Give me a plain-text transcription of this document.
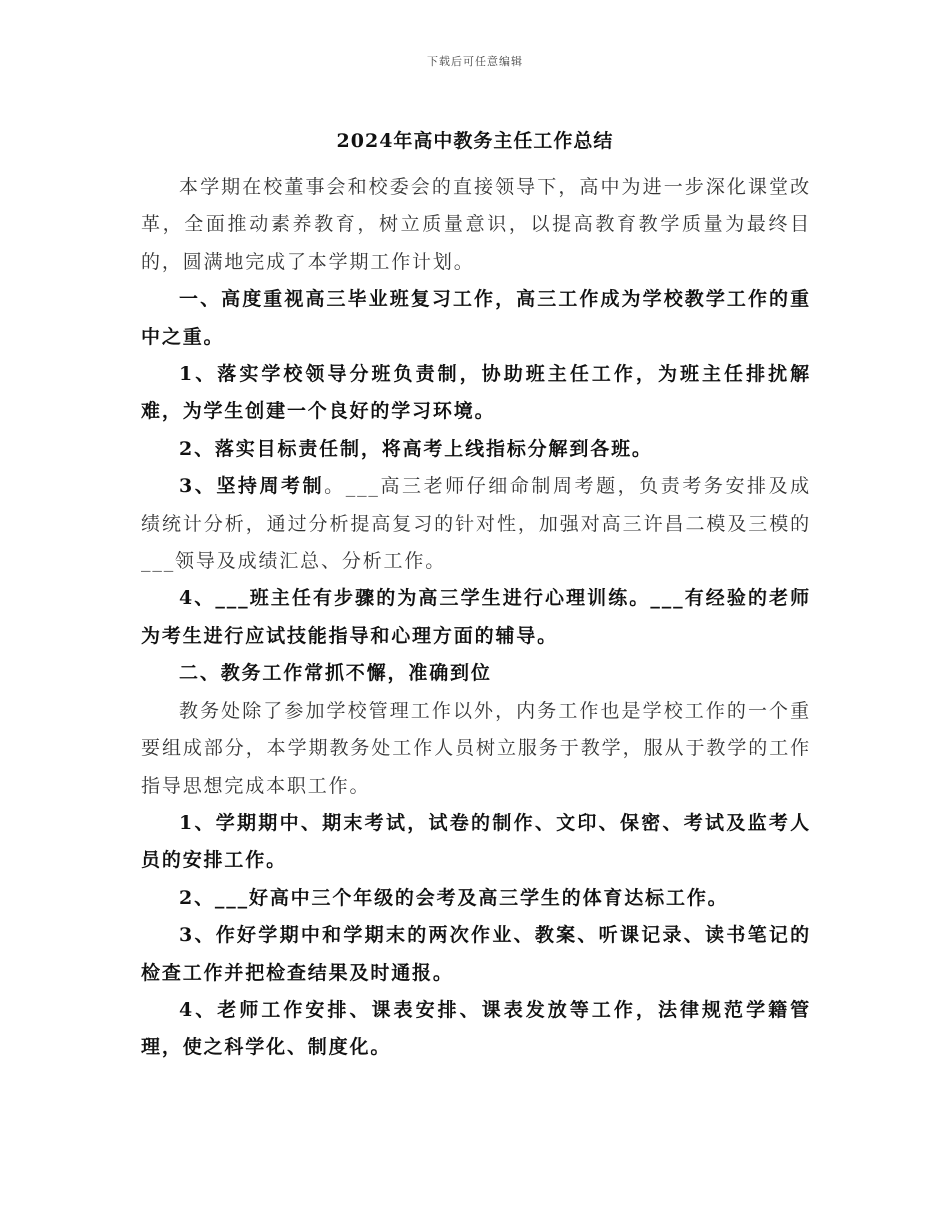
下载后可任意编辑
2024年高中教务主任工作总结

本学期在校董事会和校委会的直接领导下，高中为进一步深化课堂改革，全面推动素养教育，树立质量意识，以提高教育教学质量为最终目的，圆满地完成了本学期工作计划。

一、高度重视高三毕业班复习工作，高三工作成为学校教学工作的重中之重。

1、落实学校领导分班负责制，协助班主任工作，为班主任排扰解难，为学生创建一个良好的学习环境。

2、落实目标责任制，将高考上线指标分解到各班。

3、坚持周考制。___高三老师仔细命制周考题，负责考务安排及成绩统计分析，通过分析提高复习的针对性，加强对高三许昌二模及三模的___领导及成绩汇总、分析工作。

4、___班主任有步骤的为高三学生进行心理训练。___有经验的老师为考生进行应试技能指导和心理方面的辅导。

二、教务工作常抓不懈，准确到位

教务处除了参加学校管理工作以外，内务工作也是学校工作的一个重要组成部分，本学期教务处工作人员树立服务于教学，服从于教学的工作指导思想完成本职工作。

1、学期期中、期末考试，试卷的制作、文印、保密、考试及监考人员的安排工作。

2、___好高中三个年级的会考及高三学生的体育达标工作。

3、作好学期中和学期末的两次作业、教案、听课记录、读书笔记的检查工作并把检查结果及时通报。

4、老师工作安排、课表安排、课表发放等工作，法律规范学籍管理，使之科学化、制度化。
